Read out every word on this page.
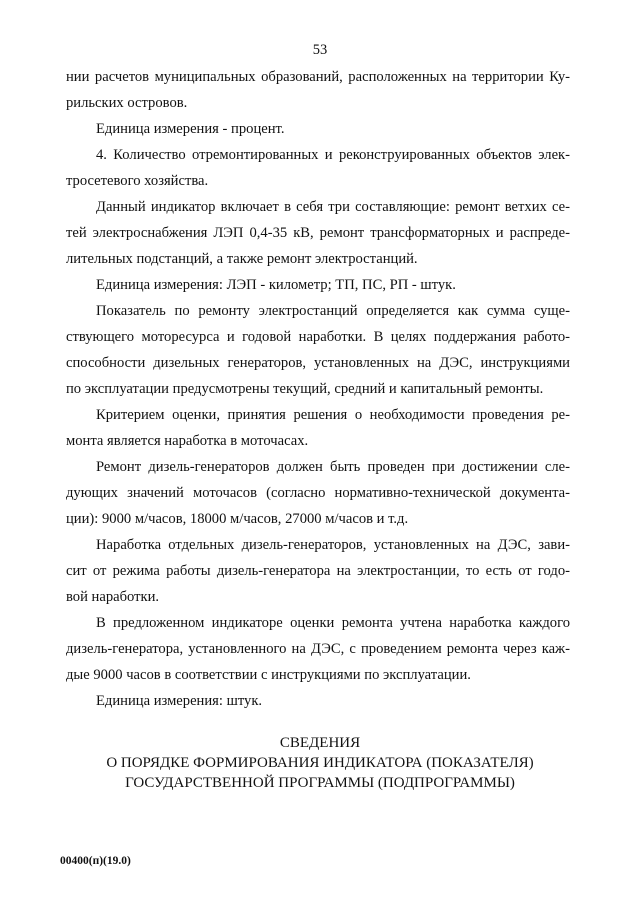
53
нии расчетов муниципальных образований, расположенных на территории Ку-
рильских островов.
Единица измерения - процент.
4. Количество отремонтированных и реконструированных объектов элек-
тросетевого хозяйства.
Данный индикатор включает в себя три составляющие: ремонт ветхих се-
тей электроснабжения ЛЭП 0,4-35 кВ, ремонт трансформаторных и распреде-
лительных подстанций, а также ремонт электростанций.
Единица измерения: ЛЭП - километр; ТП, ПС, РП - штук.
Показатель по ремонту электростанций определяется как сумма суще-
ствующего моторесурса и годовой наработки. В целях поддержания работо-
способности дизельных генераторов, установленных на ДЭС, инструкциями
по эксплуатации предусмотрены текущий, средний и капитальный ремонты.
Критерием оценки, принятия решения о необходимости проведения ре-
монта является наработка в моточасах.
Ремонт дизель-генераторов должен быть проведен при достижении сле-
дующих значений моточасов (согласно нормативно-технической документа-
ции): 9000 м/часов, 18000 м/часов, 27000 м/часов и т.д.
Наработка отдельных дизель-генераторов, установленных на ДЭС, зави-
сит от режима работы дизель-генератора на электростанции, то есть от годо-
вой наработки.
В предложенном индикаторе оценки ремонта учтена наработка каждого
дизель-генератора, установленного на ДЭС, с проведением ремонта через каж-
дые 9000 часов в соответствии с инструкциями по эксплуатации.
Единица измерения: штук.
СВЕДЕНИЯ
О ПОРЯДКЕ ФОРМИРОВАНИЯ ИНДИКАТОРА (ПОКАЗАТЕЛЯ)
ГОСУДАРСТВЕННОЙ ПРОГРАММЫ (ПОДПРОГРАММЫ)
00400(п)(19.0)
